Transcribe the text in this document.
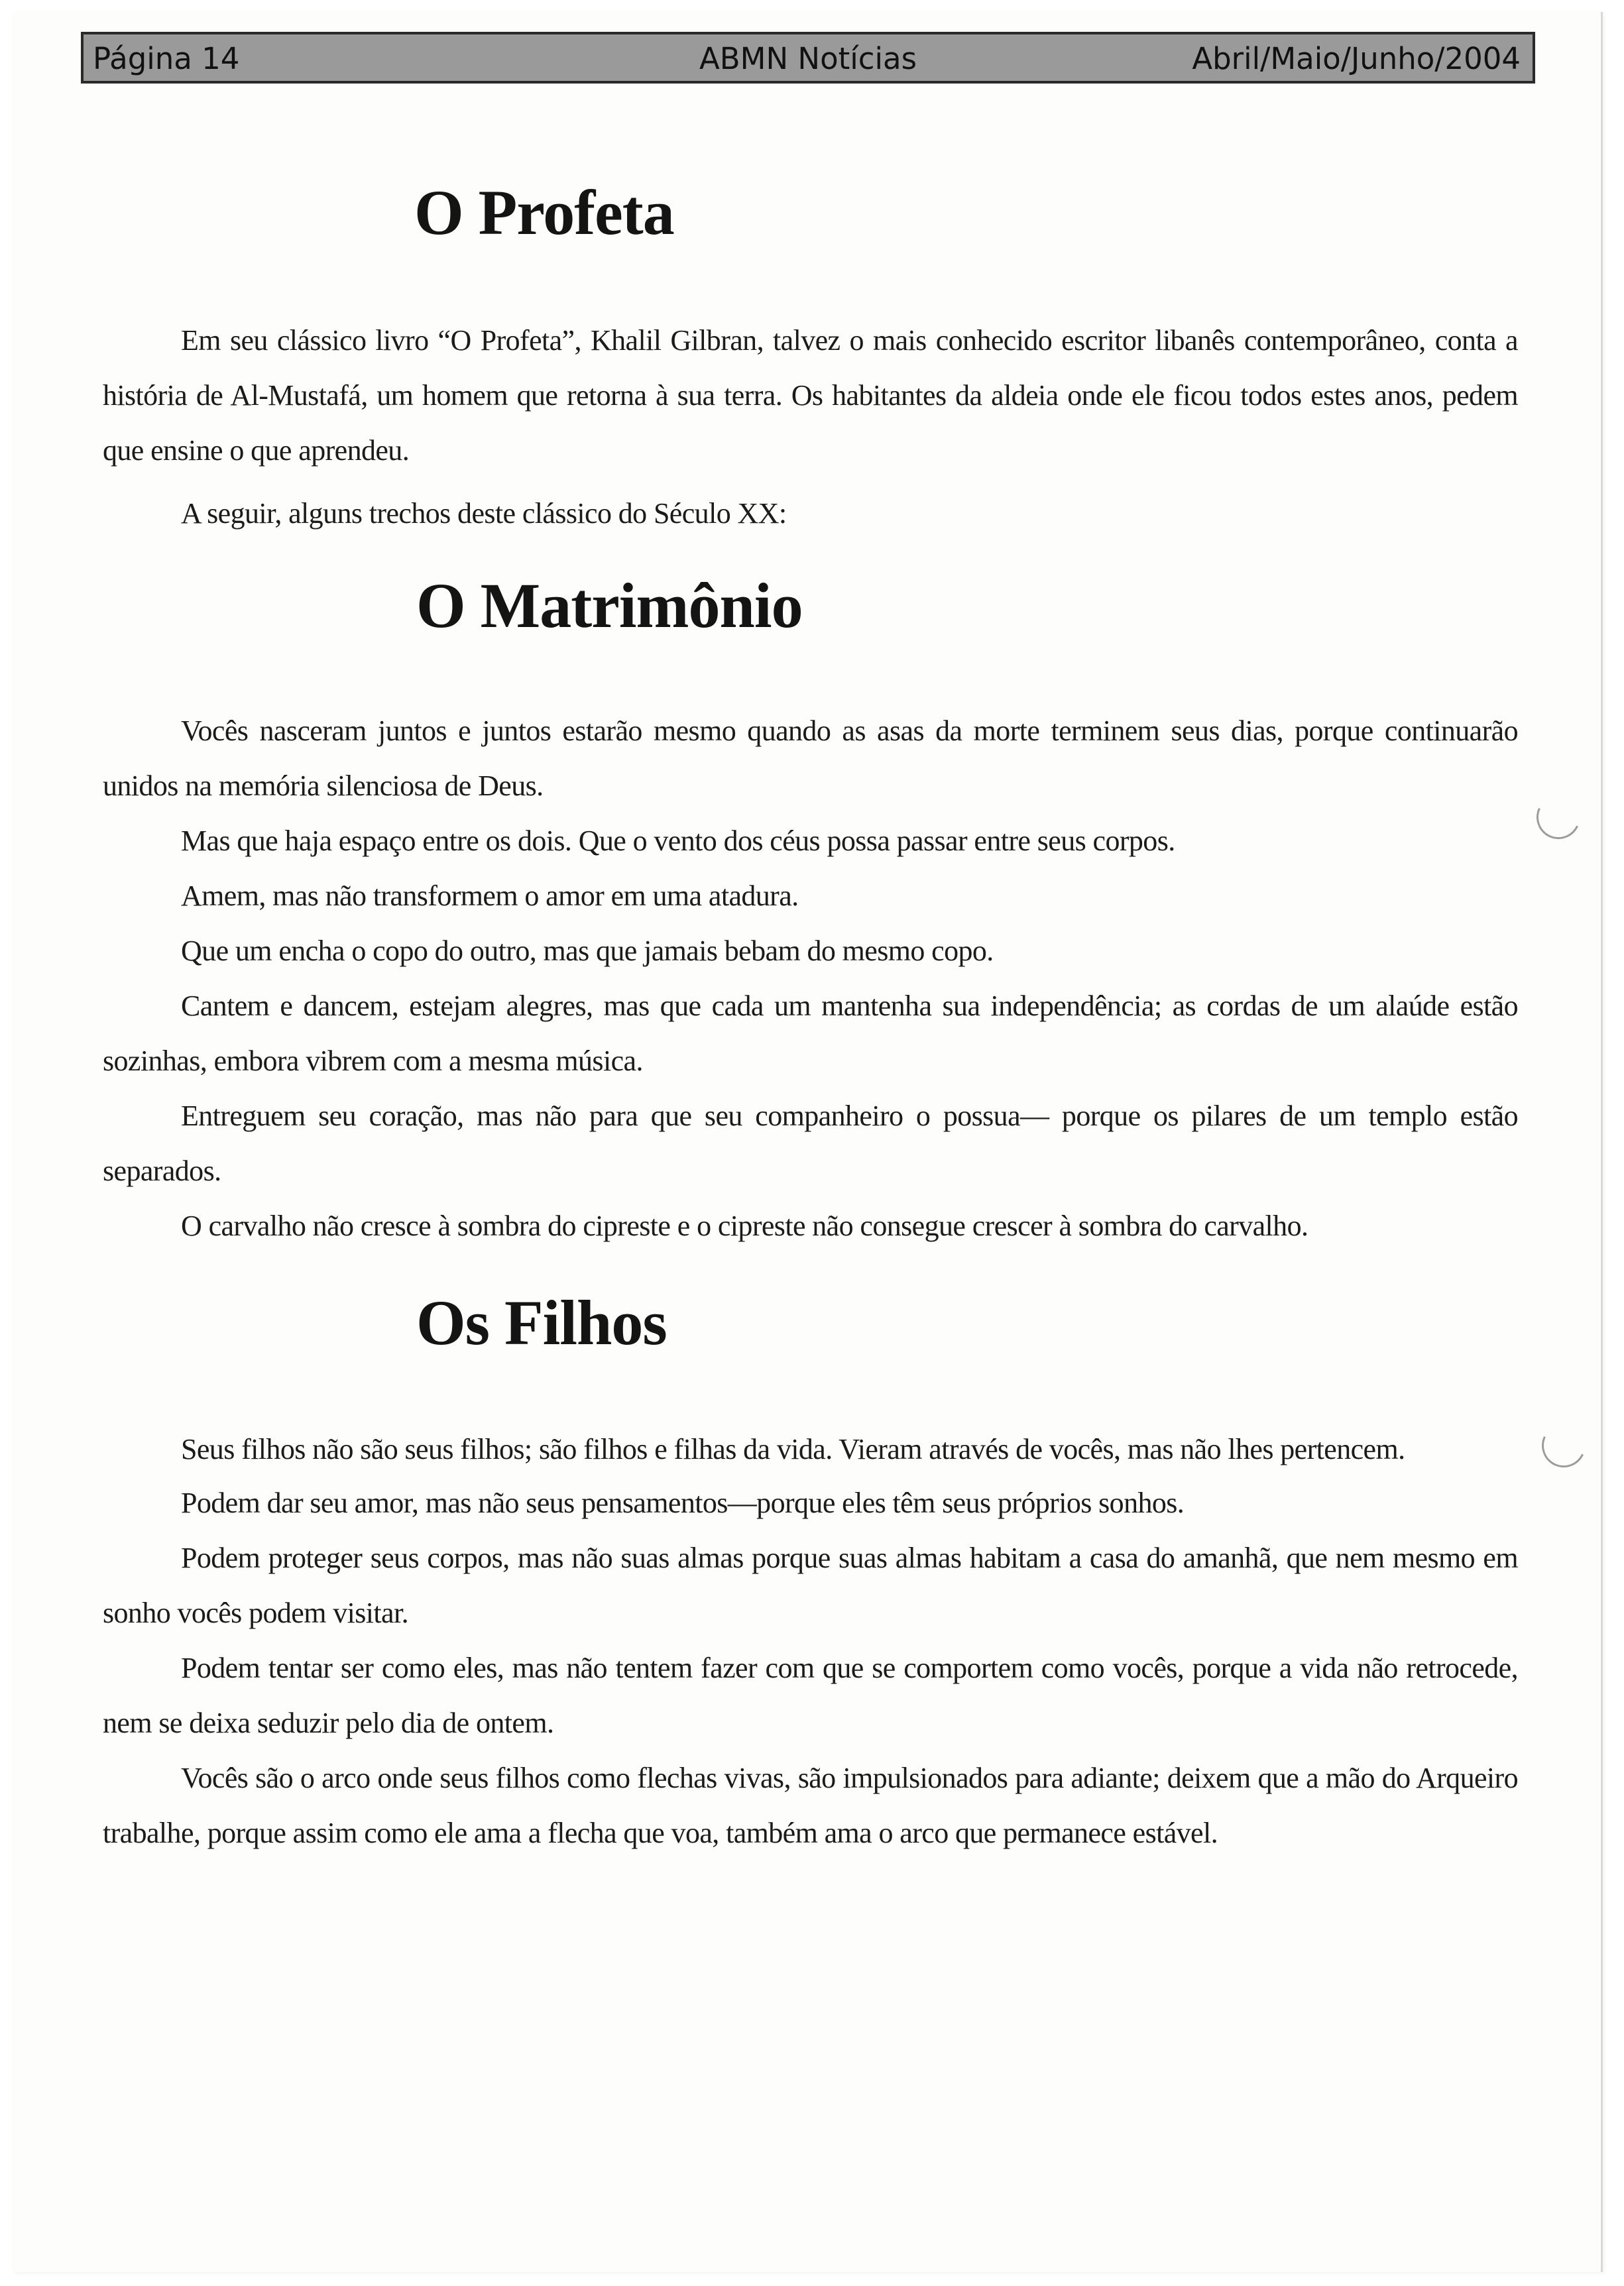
Página 14	ABMN Notícias	Abril/Maio/Junho/2004
O Profeta

Em seu clássico livro “O Profeta”, Khalil Gilbran, talvez o mais conhecido escritor libanês contemporâneo, conta a história de Al-Mustafá, um homem que retorna à sua terra. Os habitantes da aldeia onde ele ficou todos estes anos, pedem que ensine o que aprendeu.

A seguir, alguns trechos deste clássico do Século XX:

O Matrimônio

Vocês nasceram juntos e juntos estarão mesmo quando as asas da morte terminem seus dias, porque continuarão unidos na memória silenciosa de Deus.

Mas que haja espaço entre os dois. Que o vento dos céus possa passar entre seus corpos.

Amem, mas não transformem o amor em uma atadura.

Que um encha o copo do outro, mas que jamais bebam do mesmo copo.

Cantem e dancem, estejam alegres, mas que cada um mantenha sua independência; as cordas de um alaúde estão sozinhas, embora vibrem com a mesma música.

Entreguem seu coração, mas não para que seu companheiro o possua— porque os pilares de um templo estão separados.

O carvalho não cresce à sombra do cipreste e o cipreste não consegue crescer à sombra do carvalho.

Os Filhos

Seus filhos não são seus filhos; são filhos e filhas da vida. Vieram através de vocês, mas não lhes pertencem.

Podem dar seu amor, mas não seus pensamentos—porque eles têm seus próprios sonhos.

Podem proteger seus corpos, mas não suas almas porque suas almas habitam a casa do amanhã, que nem mesmo em sonho vocês podem visitar.

Podem tentar ser como eles, mas não tentem fazer com que se comportem como vocês, porque a vida não retrocede, nem se deixa seduzir pelo dia de ontem.

Vocês são o arco onde seus filhos como flechas vivas, são impulsionados para adiante; deixem que a mão do Arqueiro trabalhe, porque assim como ele ama a flecha que voa, também ama o arco que permanece estável.
